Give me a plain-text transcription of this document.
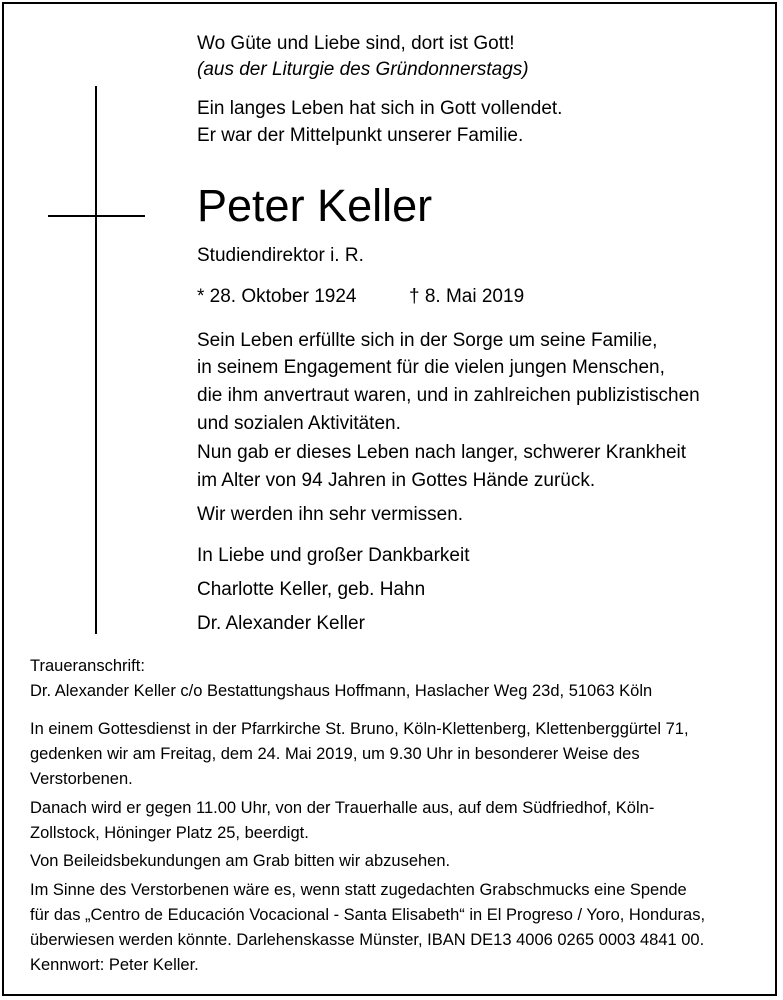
Wo Güte und Liebe sind, dort ist Gott!
(aus der Liturgie des Gründonnerstags)
Ein langes Leben hat sich in Gott vollendet.
Er war der Mittelpunkt unserer Familie.
Peter Keller
Studiendirektor i. R.
* 28. Oktober 1924	† 8. Mai 2019
Sein Leben erfüllte sich in der Sorge um seine Familie,
in seinem Engagement für die vielen jungen Menschen,
die ihm anvertraut waren, und in zahlreichen publizistischen
und sozialen Aktivitäten.
Nun gab er dieses Leben nach langer, schwerer Krankheit
im Alter von 94 Jahren in Gottes Hände zurück.
Wir werden ihn sehr vermissen.
In Liebe und großer Dankbarkeit
Charlotte Keller, geb. Hahn
Dr. Alexander Keller
Traueranschrift:
Dr. Alexander Keller c/o Bestattungshaus Hoffmann, Haslacher Weg 23d, 51063 Köln
In einem Gottesdienst in der Pfarrkirche St. Bruno, Köln-Klettenberg, Klettenberggürtel 71,
gedenken wir am Freitag, dem 24. Mai 2019, um 9.30 Uhr in besonderer Weise des
Verstorbenen.
Danach wird er gegen 11.00 Uhr, von der Trauerhalle aus, auf dem Südfriedhof, Köln-
Zollstock, Höninger Platz 25, beerdigt.
Von Beileidsbekundungen am Grab bitten wir abzusehen.
Im Sinne des Verstorbenen wäre es, wenn statt zugedachten Grabschmucks eine Spende
für das „Centro de Educación Vocacional - Santa Elisabeth“ in El Progreso / Yoro, Honduras,
überwiesen werden könnte. Darlehenskasse Münster, IBAN DE13 4006 0265 0003 4841 00.
Kennwort: Peter Keller.
